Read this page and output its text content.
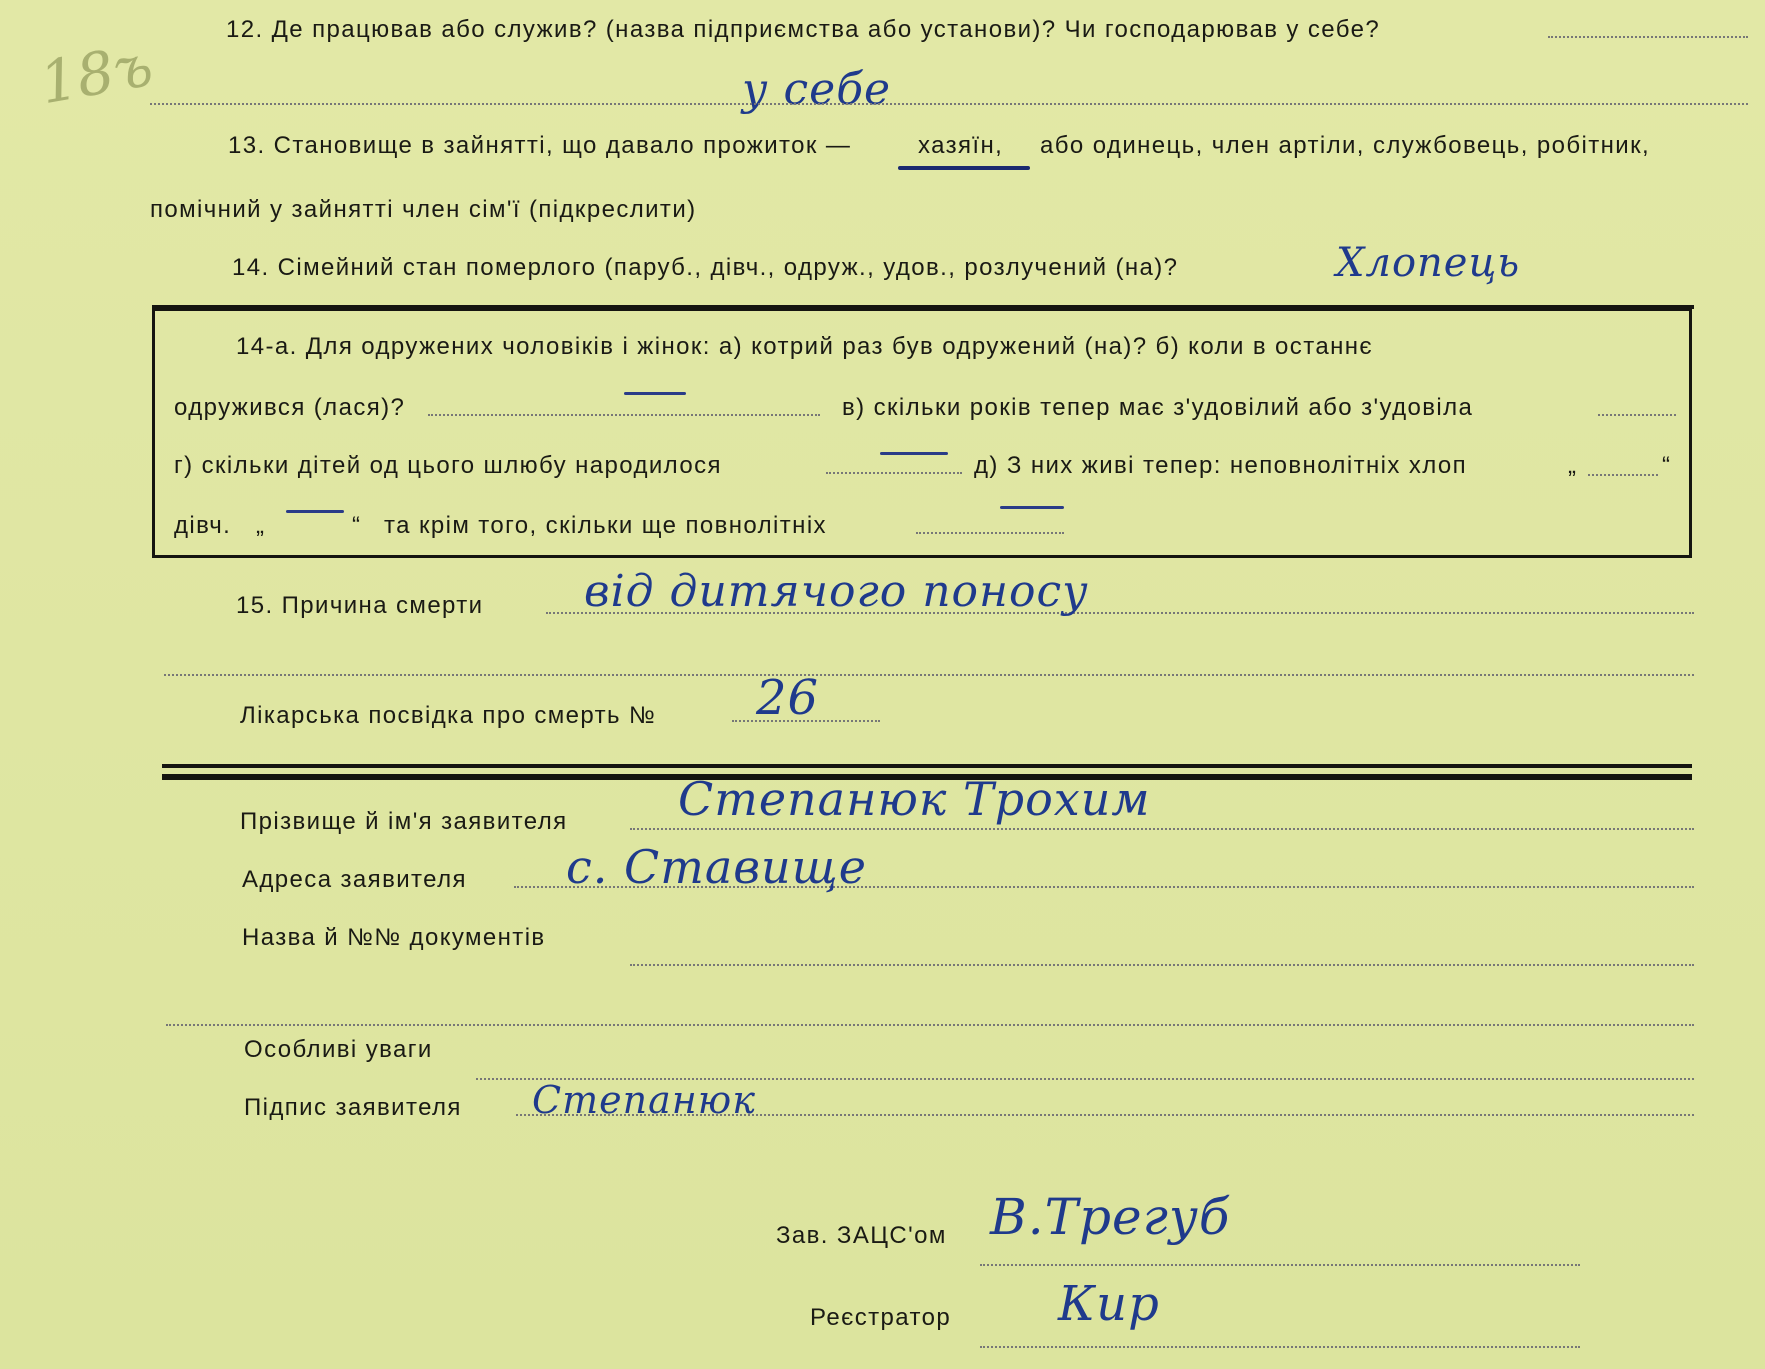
18ъ
12. Де працював або служив? (назва підприємства або установи)? Чи господарював у себе?
у себе
13. Становище в зайнятті, що давало прожиток —	хазяїн, або одинець, член артіли, службовець, робітник,
помічний у зайнятті член сім'ї (підкреслити)
14. Сімейний стан померлого (паруб., дівч., одруж., удов., розлучений (на)?	Хлопець
14-а. Для одружених чоловіків і жінок: а) котрий раз був одружений (на)? б) коли в останнє
одружився (лася)?	в) скільки років тепер має з'удовілий або з'удовіла
г) скільки дітей од цього шлюбу народилося	д) З них живі тепер: неповнолітніх хлоп	„	“
дівч. „	“ та крім того, скільки ще повнолітніх
15. Причина смерти від дитячого поносу
Лікарська посвідка про смерть № 26
Прізвище й ім'я заявителя Степанюк Трохим
Адреса заявителя с. Ставище
Назва й №№ документів
Особливі уваги
Підпис заявителя Степанюк
Зав. ЗАЦС'ом В.Трегуб
Реєстратор Кир
